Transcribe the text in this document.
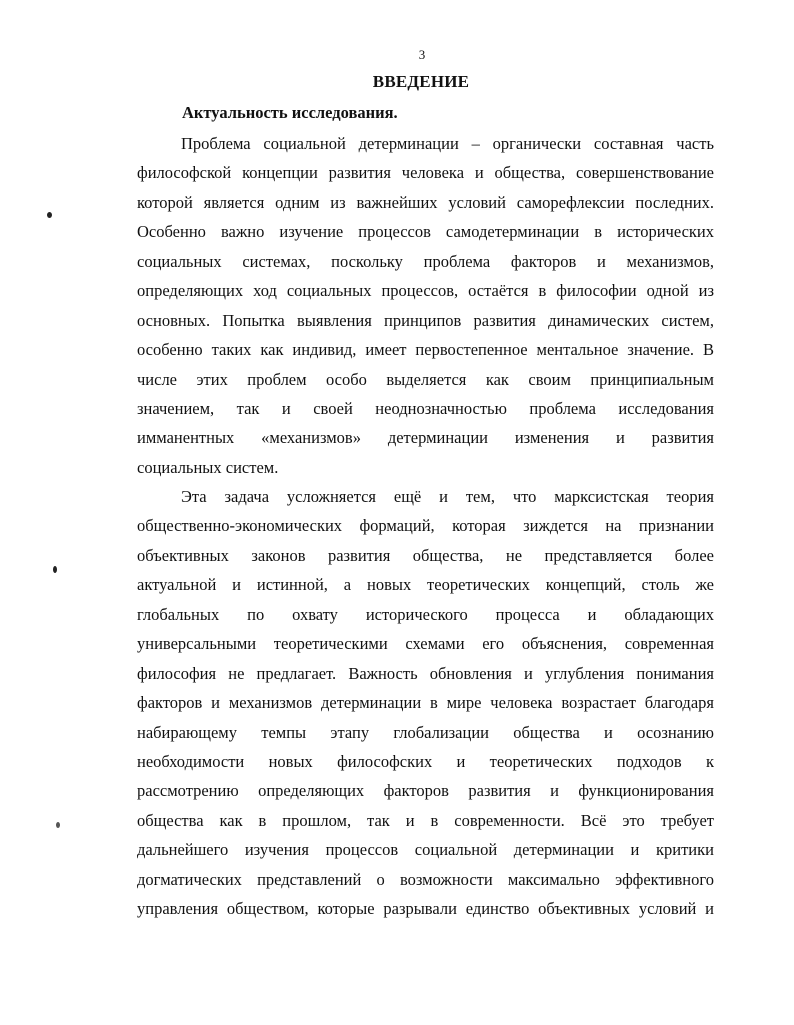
3
ВВЕДЕНИЕ
Актуальность исследования.
Проблема социальной детерминации – органически составная часть
философской концепции развития человека и общества, совершенствование
которой является одним из важнейших условий саморефлексии последних.
Особенно важно изучение процессов самодетерминации в исторических
социальных системах, поскольку проблема факторов и механизмов,
определяющих ход социальных процессов, остаётся в философии одной из
основных. Попытка выявления принципов развития динамических систем,
особенно таких как индивид, имеет первостепенное ментальное значение. В
числе этих проблем особо выделяется как своим принципиальным
значением, так и своей неоднозначностью проблема исследования
имманентных «механизмов» детерминации изменения и развития
социальных систем.
Эта задача усложняется ещё и тем, что марксистская теория
общественно-экономических формаций, которая зиждется на признании
объективных законов развития общества, не представляется более
актуальной и истинной, а новых теоретических концепций, столь же
глобальных по охвату исторического процесса и обладающих
универсальными теоретическими схемами его объяснения, современная
философия не предлагает. Важность обновления и углубления понимания
факторов и механизмов детерминации в мире человека возрастает благодаря
набирающему темпы этапу глобализации общества и осознанию
необходимости новых философских и теоретических подходов к
рассмотрению определяющих факторов развития и функционирования
общества как в прошлом, так и в современности. Всё это требует
дальнейшего изучения процессов социальной детерминации и критики
догматических представлений о возможности максимально эффективного
управления обществом, которые разрывали единство объективных условий и
